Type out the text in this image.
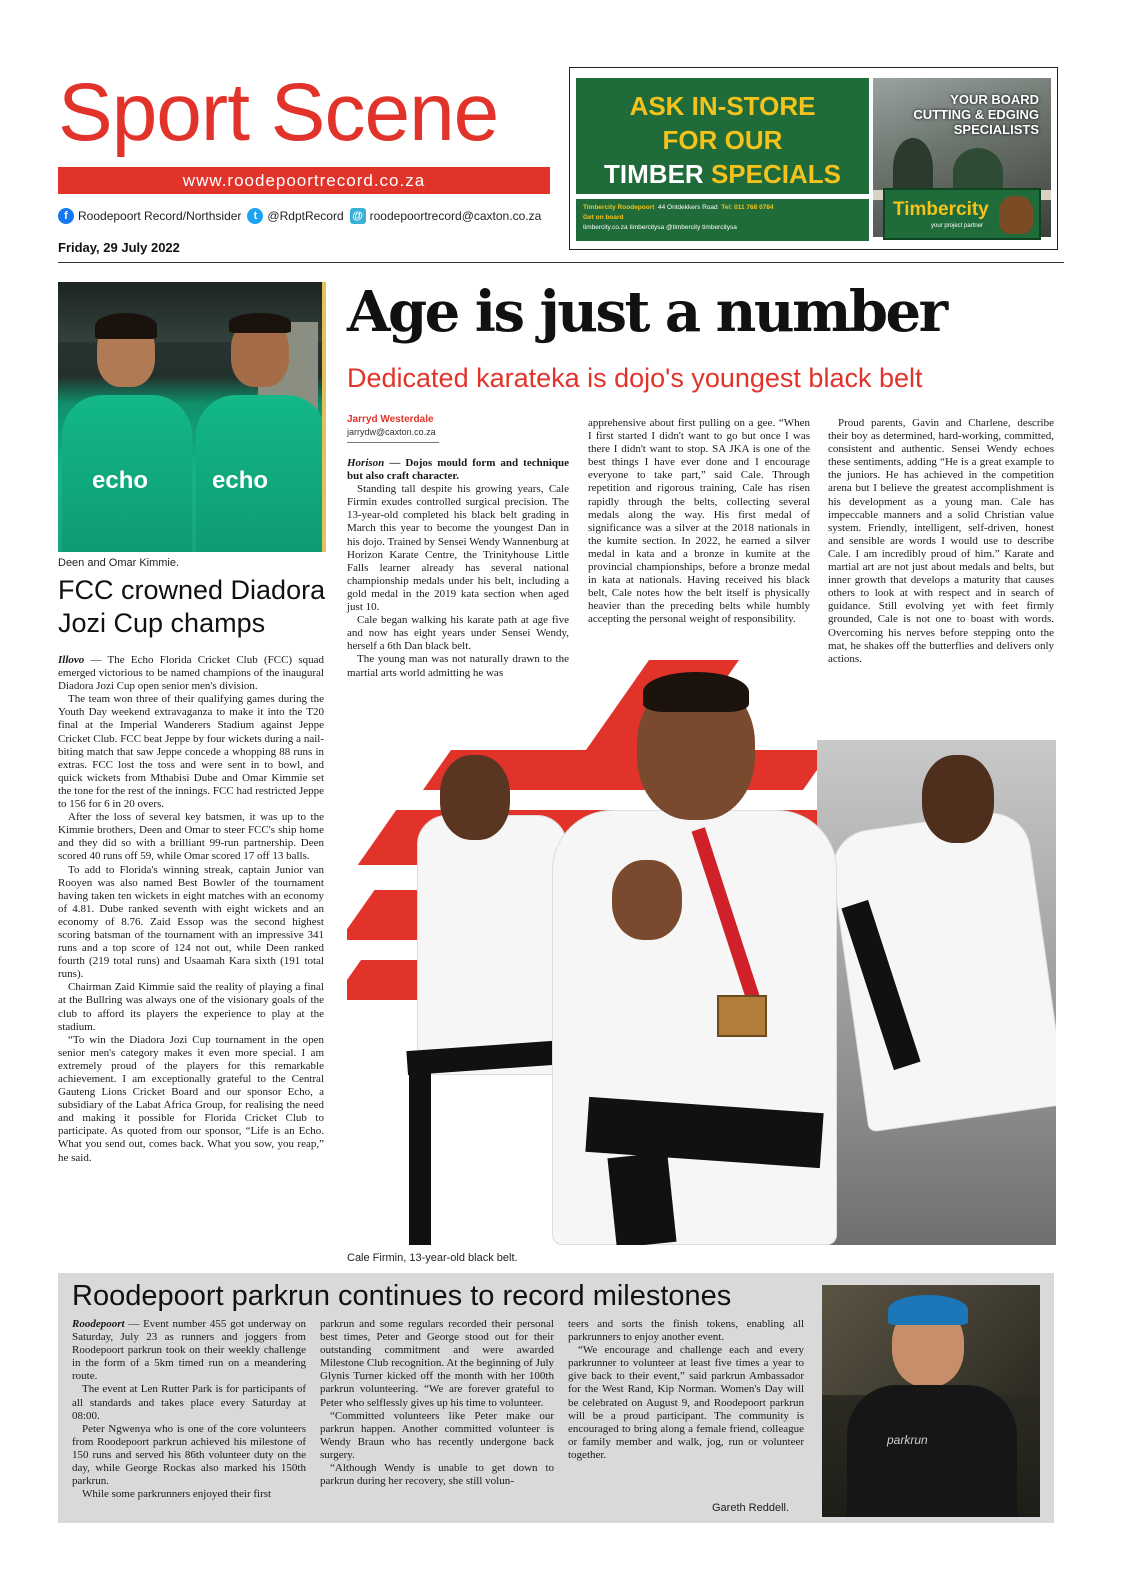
Sport Scene
www.roodepoortrecord.co.za
f Roodepoort Record/Northsider	t @RdptRecord @ roodepoortrecord@caxton.co.za
Friday, 29 July 2022
ASK IN-STORE
FOR OUR
TIMBER SPECIALS
YOUR BOARD
CUTTING & EDGING
SPECIALISTS
Timbercity Roodepoort 44 Ontdekkers Road Tel: 011 768 0784
Get on board
timbercity.co.za timbercitysa @timbercity timbercitysa
Timbercity
your project partner
echo	echo
Deen and Omar Kimmie.
FCC crowned Diadora Jozi Cup champs

Illovo — The Echo Florida Cricket Club (FCC) squad emerged victorious to be named champions of the inaugural Diadora Jozi Cup open senior men's division.

The team won three of their qualifying games during the Youth Day weekend extravaganza to make it into the T20 final at the Imperial Wanderers Stadium against Jeppe Cricket Club. FCC beat Jeppe by four wickets during a nail-biting match that saw Jeppe concede a whopping 88 runs in extras. FCC lost the toss and were sent in to bowl, and quick wickets from Mthabisi Dube and Omar Kimmie set the tone for the rest of the innings. FCC had restricted Jeppe to 156 for 6 in 20 overs.

After the loss of several key batsmen, it was up to the Kimmie brothers, Deen and Omar to steer FCC's ship home and they did so with a brilliant 99-run partnership. Deen scored 40 runs off 59, while Omar scored 17 off 13 balls.

To add to Florida's winning streak, captain Junior van Rooyen was also named Best Bowler of the tournament having taken ten wickets in eight matches with an economy of 4.81. Dube ranked seventh with eight wickets and an economy of 8.76. Zaid Essop was the second highest scoring batsman of the tournament with an impressive 341 runs and a top score of 124 not out, while Deen ranked fourth (219 total runs) and Usaamah Kara sixth (191 total runs).

Chairman Zaid Kimmie said the reality of playing a final at the Bullring was always one of the visionary goals of the club to afford its players the experience to play at the stadium.

“To win the Diadora Jozi Cup tournament in the open senior men's category makes it even more special. I am extremely proud of the players for this remarkable achievement. I am exceptionally grateful to the Central Gauteng Lions Cricket Board and our sponsor Echo, a subsidiary of the Labat Africa Group, for realising the need and making it possible for Florida Cricket Club to participate. As quoted from our sponsor, “Life is an Echo. What you send out, comes back. What you sow, you reap,” he said.

Age is just a number
Dedicated karateka is dojo's youngest black belt
Jarryd Westerdale
jarrydw@caxton.co.za

Horison — Dojos mould form and technique but also craft character.

Standing tall despite his growing years, Cale Firmin exudes controlled surgical precision. The 13-year-old completed his black belt grading in March this year to become the youngest Dan in his dojo. Trained by Sensei Wendy Wannenburg at Horizon Karate Centre, the Trinityhouse Little Falls learner already has several national championship medals under his belt, including a gold medal in the 2019 kata section when aged just 10.

Cale began walking his karate path at age five and now has eight years under Sensei Wendy, herself a 6th Dan black belt.

The young man was not naturally drawn to the martial arts world admitting he was

apprehensive about first pulling on a gee. “When I first started I didn't want to go but once I was there I didn't want to stop. SA JKA is one of the best things I have ever done and I encourage everyone to take part,” said Cale. Through repetition and rigorous training, Cale has risen rapidly through the belts, collecting several medals along the way. His first medal of significance was a silver at the 2018 nationals in the kumite section. In 2022, he earned a silver medal in kata and a bronze in kumite at the provincial championships, before a bronze medal in kata at nationals. Having received his black belt, Cale notes how the belt itself is physically heavier than the preceding belts while humbly accepting the personal weight of responsibility.

Proud parents, Gavin and Charlene, describe their boy as determined, hard-working, committed, consistent and authentic. Sensei Wendy echoes these sentiments, adding “He is a great example to the juniors. He has achieved in the competition arena but I believe the greatest accomplishment is his development as a young man. Cale has impeccable manners and a solid Christian value system. Friendly, intelligent, self-driven, honest and sensible are words I would use to describe Cale. I am incredibly proud of him.” Karate and martial art are not just about medals and belts, but inner growth that develops a maturity that causes others to look at with respect and in search of guidance. Still evolving yet with feet firmly grounded, Cale is not one to boast with words. Overcoming his nerves before stepping onto the mat, he shakes off the butterflies and delivers only actions.

Cale Firmin, 13-year-old black belt.
Roodepoort parkrun continues to record milestones

Roodepoort — Event number 455 got underway on Saturday, July 23 as runners and joggers from Roodepoort parkrun took on their weekly challenge in the form of a 5km timed run on a meandering route.

The event at Len Rutter Park is for participants of all standards and takes place every Saturday at 08:00.

Peter Ngwenya who is one of the core volunteers from Roodepoort parkrun achieved his milestone of 150 runs and served his 86th volunteer duty on the day, while George Rockas also marked his 150th parkrun.

While some parkrunners enjoyed their first

parkrun and some regulars recorded their personal best times, Peter and George stood out for their outstanding commitment and were awarded Milestone Club recognition. At the beginning of July Glynis Turner kicked off the month with her 100th parkrun volunteering. “We are forever grateful to Peter who selflessly gives up his time to volunteer.

“Committed volunteers like Peter make our parkrun happen. Another committed volunteer is Wendy Braun who has recently undergone back surgery.

“Although Wendy is unable to get down to parkrun during her recovery, she still volun-

teers and sorts the finish tokens, enabling all parkrunners to enjoy another event.

“We encourage and challenge each and every parkrunner to volunteer at least five times a year to give back to their event,” said parkrun Ambassador for the West Rand, Kip Norman. Women's Day will be celebrated on August 9, and Roodepoort parkrun will be a proud participant. The community is encouraged to bring along a female friend, colleague or family member and walk, jog, run or volunteer together.

Gareth Reddell.
parkrun
